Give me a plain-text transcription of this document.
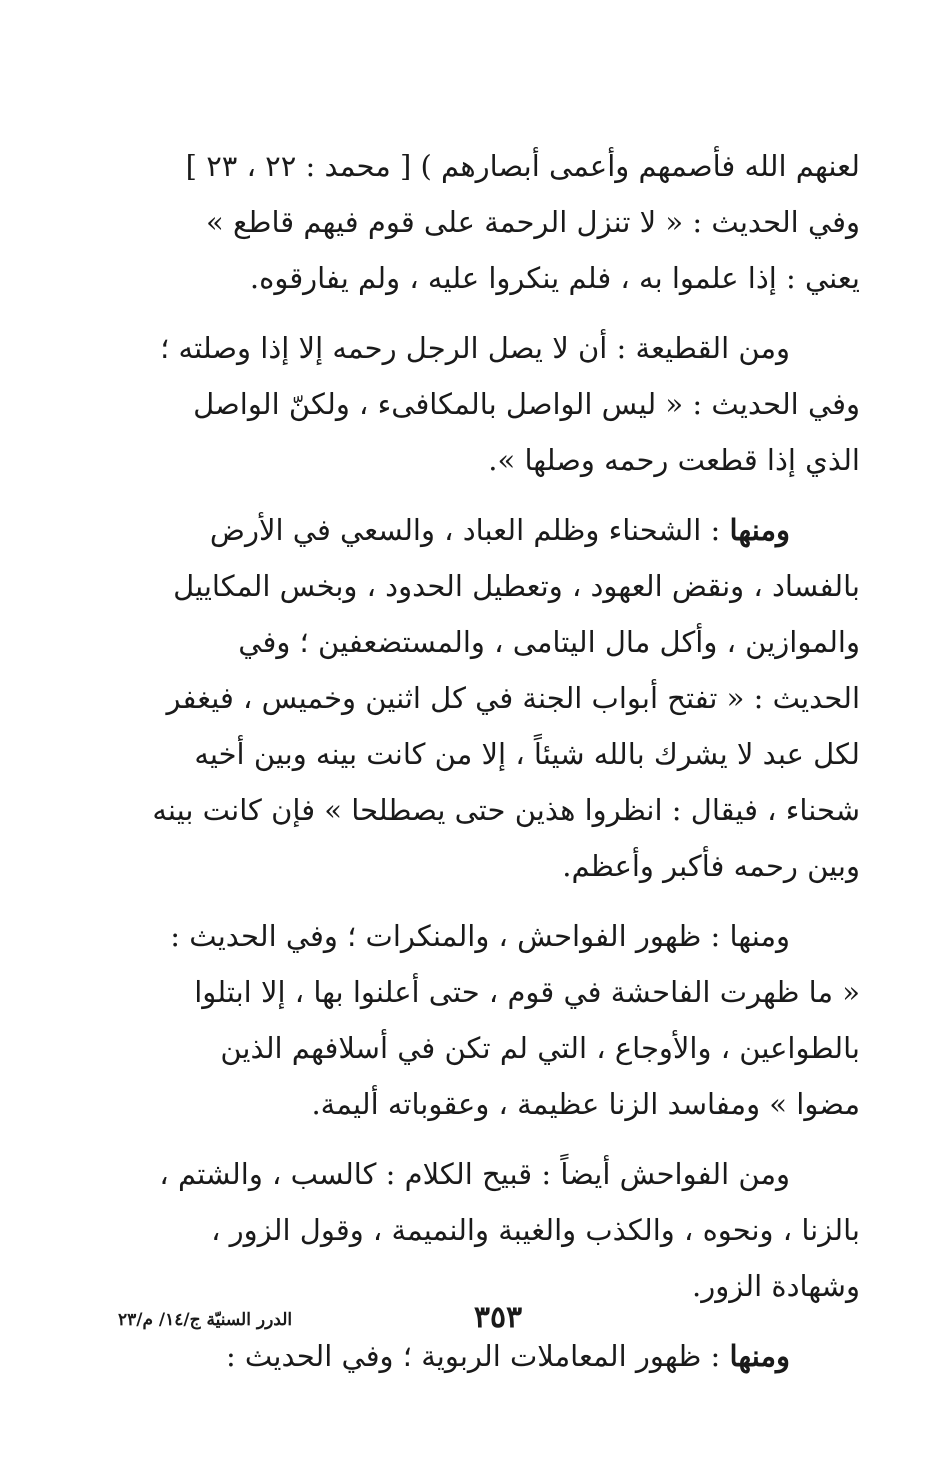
لعنهم الله فأصمهم وأعمى أبصارهم ) [ محمد : ٢٢ ، ٢٣ ]
وفي الحديث : « لا تنزل الرحمة على قوم فيهم قاطع »
يعني : إذا علموا به ، فلم ينكروا عليه ، ولم يفارقوه.

ومن القطيعة : أن لا يصل الرجل رحمه إلا إذا وصلته ؛
وفي الحديث : « ليس الواصل بالمكافىء ، ولكنّ الواصل
الذي إذا قطعت رحمه وصلها ».

ومنها : الشحناء وظلم العباد ، والسعي في الأرض
بالفساد ، ونقض العهود ، وتعطيل الحدود ، وبخس المكاييل
والموازين ، وأكل مال اليتامى ، والمستضعفين ؛ وفي
الحديث : « تفتح أبواب الجنة في كل اثنين وخميس ، فيغفر
لكل عبد لا يشرك بالله شيئاً ، إلا من كانت بينه وبين أخيه
شحناء ، فيقال : انظروا هذين حتى يصطلحا » فإن كانت بينه
وبين رحمه فأكبر وأعظم.

ومنها : ظهور الفواحش ، والمنكرات ؛ وفي الحديث :
« ما ظهرت الفاحشة في قوم ، حتى أعلنوا بها ، إلا ابتلوا
بالطواعين ، والأوجاع ، التي لم تكن في أسلافهم الذين
مضوا » ومفاسد الزنا عظيمة ، وعقوباته أليمة.

ومن الفواحش أيضاً : قبيح الكلام : كالسب ، والشتم ،
بالزنا ، ونحوه ، والكذب والغيبة والنميمة ، وقول الزور ،
وشهادة الزور.

ومنها : ظهور المعاملات الربوية ؛ وفي الحديث :

٣٥٣
الدرر السنيّة ج/١٤/ م/٢٣
